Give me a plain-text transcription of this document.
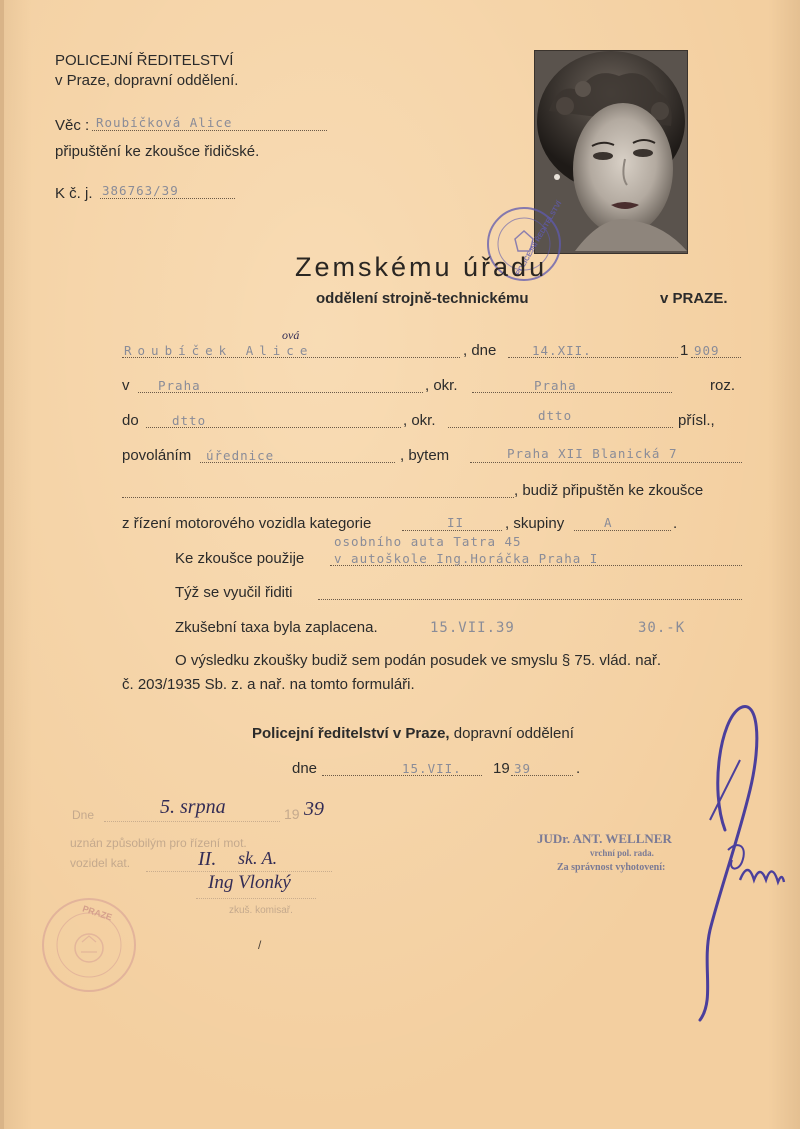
POLICEJNÍ ŘEDITELSTVÍ
v Praze, dopravní oddělení.
Věc : Roubíčková Alice
připuštění ke zkoušce řidičské.
K č. j. 386763/39
POLICEJNÍ ŘEDITELSTVÍ
Zemskému úřadu
oddělení strojně-technickému	v PRAZE.
Roubíček Alice
ová
, dne	14.XII.	1 909
v Praha	, okr.	Praha	roz.
do	dtto	, okr.	dtto	přísl.,
povoláním úřednice	, bytem	Praha XII Blanická 7
, budiž připuštěn ke zkoušce
z řízení motorového vozidla kategorie	II	, skupiny	A	.
osobního auta Tatra 45
Ke zkoušce použije v autoškole Ing.Horáčka Praha I
Týž se vyučil řiditi
Zkušební taxa byla zaplacena.	15.VII.39	30.-K
O výsledku zkoušky budiž sem podán posudek ve smyslu § 75. vlád. nař.
č. 203/1935 Sb. z. a nař. na tomto formuláři.
Policejní ředitelství v Praze, dopravní oddělení
dne	15.VII. 19 39	.
Dne	5. srpna	19 39
uznán způsobilým pro řízení mot.
vozidel kat.	II. sk. A.
Ing Vlonký
zkuš. komisař.
PRAZE
JUDr. ANT. WELLNER
vrchní pol. rada.
Za správnost vyhotovení:
/
